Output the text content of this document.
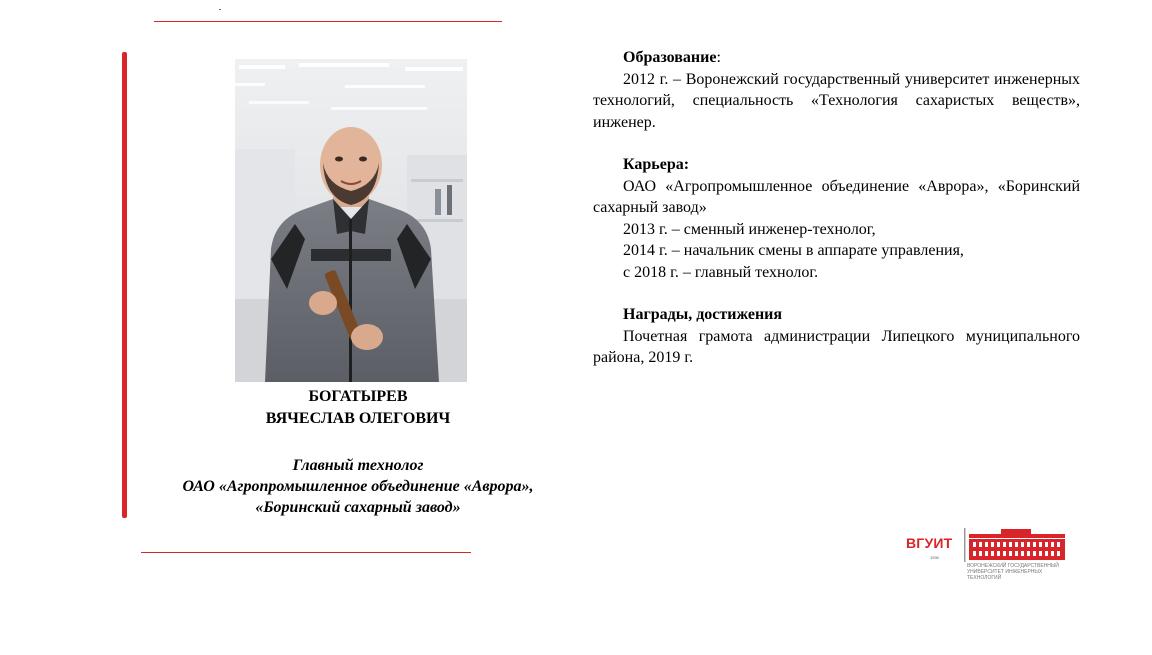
БОГАТЫРЕВ
ВЯЧЕСЛАВ ОЛЕГОВИЧ
Главный технолог
ОАО «Агропромышленное объединение «Аврора»,
«Боринский сахарный завод»
Образование:

2012 г. – Воронежский государственный университет инженерных технологий, специальность «Технология сахаристых веществ», инженер.

Карьера:

ОАО «Агропромышленное объединение «Аврора», «Боринский сахарный завод»

2013 г. – сменный инженер-технолог,

2014 г. – начальник смены в аппарате управления,

с 2018 г. – главный технолог.

Награды, достижения

Почетная грамота администрации Липецкого муниципального района, 2019 г.

ВГУИТ
1930
ВОРОНЕЖСКИЙ ГОСУДАРСТВЕННЫЙ УНИВЕРСИТЕТ ИНЖЕНЕРНЫХ ТЕХНОЛОГИЙ
